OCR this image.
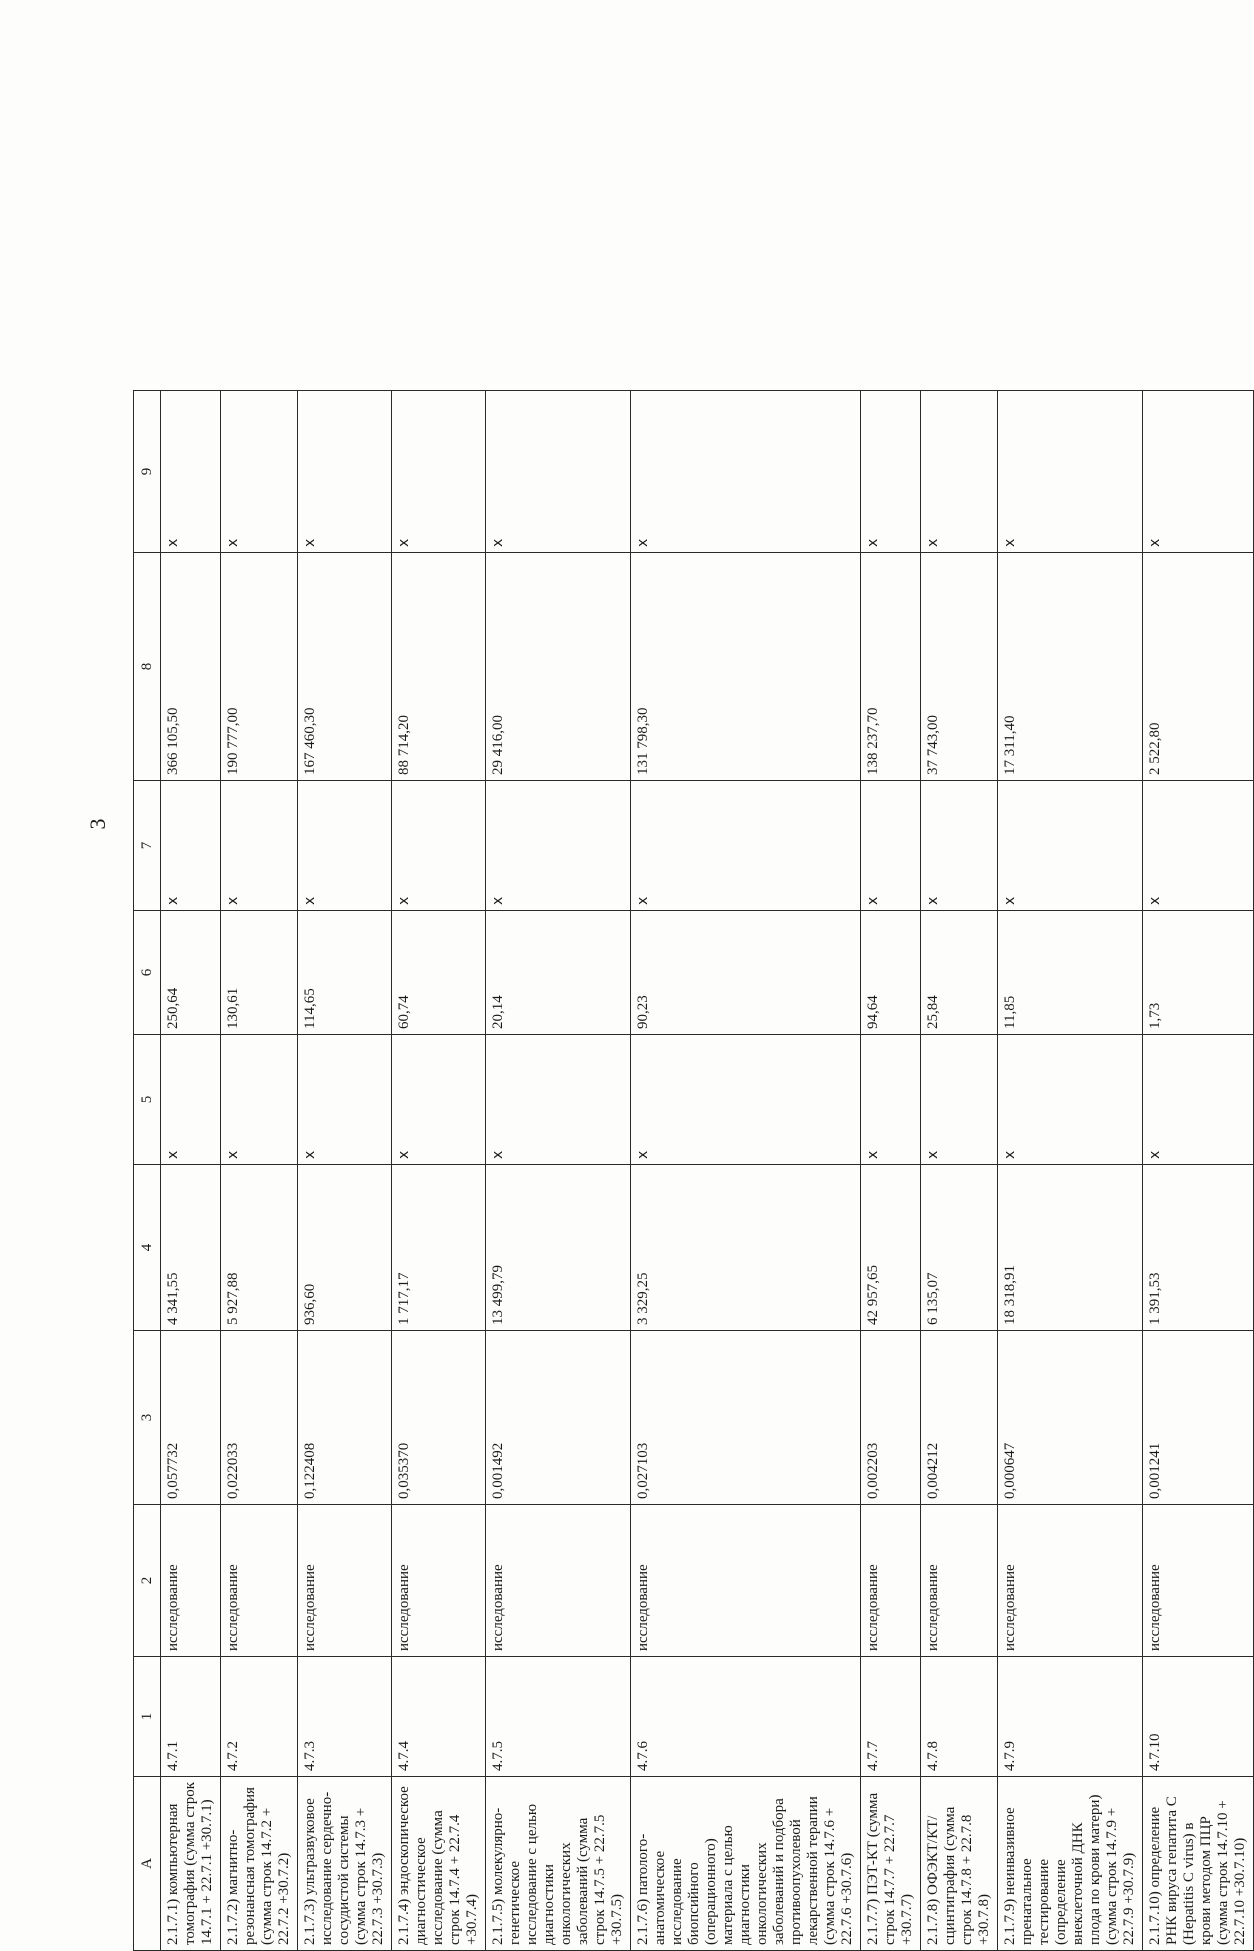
3
А	1	2	3	4	5	6	7	8	9
2.1.7.1) компьютерная томография (сумма строк 14.7.1 + 22.7.1 +30.7.1)	4.7.1	исследование	0,057732	4 341,55	х	250,64	х	366 105,50	х
2.1.7.2) магнитно-резонансная томография (сумма строк 14.7.2 + 22.7.2 +30.7.2)	4.7.2	исследование	0,022033	5 927,88	х	130,61	х	190 777,00	х
2.1.7.3) ультразвуковое исследование сердечно-сосудистой системы (сумма строк 14.7.3 + 22.7.3 +30.7.3)	4.7.3	исследование	0,122408	936,60	х	114,65	х	167 460,30	х
2.1.7.4) эндоскопическое диагностическое исследование (сумма строк 14.7.4 + 22.7.4 +30.7.4)	4.7.4	исследование	0,035370	1 717,17	х	60,74	х	88 714,20	х
2.1.7.5) молекулярно-генетическое исследование с целью диагностики онкологических заболеваний (сумма строк 14.7.5 + 22.7.5 +30.7.5)	4.7.5	исследование	0,001492	13 499,79	х	20,14	х	29 416,00	х
2.1.7.6) патолого-анатомическое исследование биопсийного (операционного) материала с целью диагностики онкологических заболеваний и подбора противоопухолевой лекарственной терапии (сумма строк 14.7.6 + 22.7.6 +30.7.6)	4.7.6	исследование	0,027103	3 329,25	х	90,23	х	131 798,30	х
2.1.7.7) ПЭТ-КТ (сумма строк 14.7.7 + 22.7.7 +30.7.7)	4.7.7	исследование	0,002203	42 957,65	х	94,64	х	138 237,70	х
2.1.7.8) ОФЭКТ/КТ/сцинтиграфия (сумма строк 14.7.8 + 22.7.8 +30.7.8)	4.7.8	исследование	0,004212	6 135,07	х	25,84	х	37 743,00	х
2.1.7.9) неинвазивное пренатальное тестирование (определение внеклеточной ДНК плода по крови матери) (сумма строк 14.7.9 + 22.7.9 +30.7.9)	4.7.9	исследование	0,000647	18 318,91	х	11,85	х	17 311,40	х
2.1.7.10) определение РНК вируса гепатита С (Hepatitis С virus) в крови методом ПЦР (сумма строк 14.7.10 + 22.7.10 +30.7.10)	4.7.10	исследование	0,001241	1 391,53	х	1,73	х	2 522,80	х
